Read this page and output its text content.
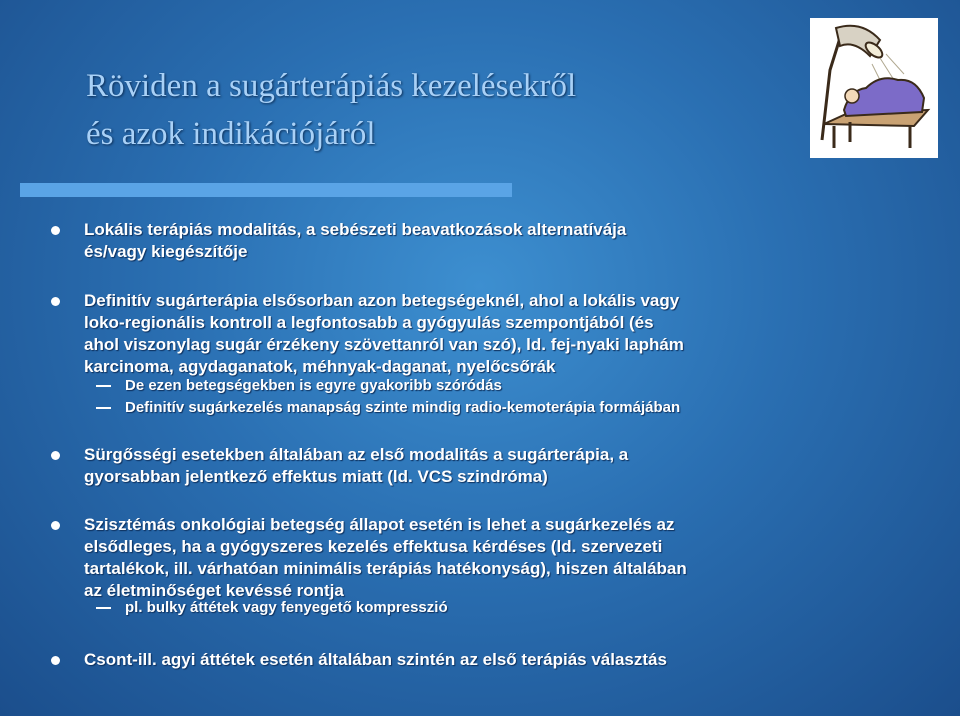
Röviden a sugárterápiás kezelésekről
és azok indikációjáról
Lokális terápiás modalitás, a sebészeti beavatkozások alternatívája
és/vagy kiegészítője
Definitív sugárterápia elsősorban azon betegségeknél, ahol a lokális vagy
loko-regionális kontroll a legfontosabb a gyógyulás szempontjából (és
ahol viszonylag sugár érzékeny szövettanról van szó), ld. fej-nyaki laphám
karcinoma, agydaganatok, méhnyak-daganat, nyelőcsőrák
De ezen betegségekben is egyre gyakoribb szóródás
Definitív sugárkezelés manapság szinte mindig radio-kemoterápia formájában
Sürgősségi esetekben általában az első modalitás a sugárterápia, a
gyorsabban jelentkező effektus miatt (ld. VCS szindróma)
Szisztémás onkológiai betegség állapot esetén is lehet a sugárkezelés az
elsődleges, ha a gyógyszeres kezelés effektusa kérdéses (ld. szervezeti
tartalékok, ill. várhatóan minimális terápiás hatékonyság), hiszen általában
az életminőséget kevéssé rontja
pl. bulky áttétek vagy fenyegető kompresszió
Csont-ill. agyi áttétek esetén általában szintén az első terápiás választás
